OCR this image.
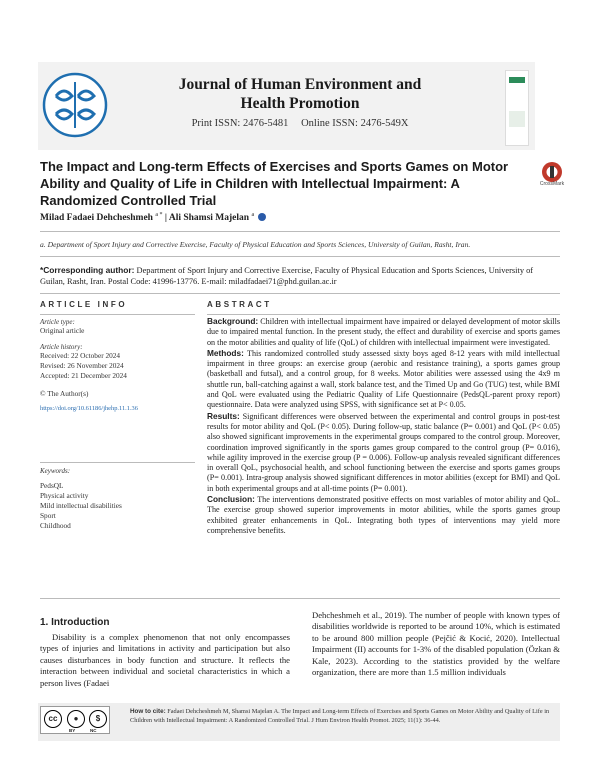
Journal of Human Environment and
Health Promotion
Print ISSN: 2476-5481 Online ISSN: 2476-549X
The Impact and Long-term Effects of Exercises and Sports Games on Motor Ability and Quality of Life in Children with Intellectual Impairment: A Randomized Controlled Trial
CrossMark
Milad Fadaei Dehcheshmeh $^{a *}$ | Ali Shamsi Majelan $^a$
a. Department of Sport Injury and Corrective Exercise, Faculty of Physical Education and Sports Sciences, University of Guilan, Rasht, Iran.
*Corresponding author: Department of Sport Injury and Corrective Exercise, Faculty of Physical Education and Sports Sciences, University of Guilan, Rasht, Iran. Postal Code: 41996-13776. E-mail: miladfadaei71@phd.guilan.ac.ir
ARTICLE INFO
Article type:
Original article
Article history:
Received: 22 October 2024
Revised: 26 November 2024
Accepted: 21 December 2024
© The Author(s)
https://doi.org/10.61186/jhehp.11.1.36
Keywords:
PedsQL
Physical activity
Mild intellectual disabilities
Sport
Childhood
ABSTRACT
Background: Children with intellectual impairment have impaired or delayed development of motor skills due to impaired mental function. In the present study, the effect and durability of exercise and sports games on the motor abilities and quality of life (QoL) of children with intellectual impairment were investigated.
Methods: This randomized controlled study assessed sixty boys aged 8-12 years with mild intellectual impairment in three groups: an exercise group (aerobic and resistance training), a sports games group (basketball and futsal), and a control group, for 8 weeks. Motor abilities were assessed using the 4x9 m shuttle run, ball-catching against a wall, stork balance test, and the Timed Up and Go (TUG) test, while BMI and QoL were evaluated using the Pediatric Quality of Life Questionnaire (PedsQL-parent proxy report) questionnaire. Data were analyzed using SPSS, with significance set at P< 0.05.
Results: Significant differences were observed between the experimental and control groups in post-test results for motor ability and QoL (P< 0.05). During follow-up, static balance (P= 0.001) and QoL (P< 0.05) also showed significant improvements in the experimental groups compared to the control group. Moreover, coordination improved significantly in the sports games group compared to the control group (P= 0.016), while agility improved in the exercise group (P = 0.006). Follow-up analysis revealed significant differences in overall QoL, psychosocial health, and school functioning between the exercise and sports games groups (P= 0.001). Intra-group analysis showed significant differences in motor abilities (except for BMI) and QoL in both experimental groups and at all-time points (P= 0.001).
Conclusion: The interventions demonstrated positive effects on most variables of motor ability and QoL. The exercise group showed superior improvements in motor abilities, while the sports games group exhibited greater enhancements in QoL. Integrating both types of interventions may yield more comprehensive benefits.
1. Introduction
Disability is a complex phenomenon that not only encompasses types of injuries and limitations in activity and participation but also causes disturbances in body function and structure. It reflects the interaction between individual and societal characteristics in which a person lives (Fadaei
Dehcheshmeh et al., 2019). The number of people with known types of disabilities worldwide is reported to be around 10%, which is estimated to be around 800 million people (Pejčić & Kocić, 2020). Intellectual Impairment (II) accounts for 1-3% of the disabled population (Özkan & Kale, 2023). According to the statistics provided by the welfare organization, there are more than 1.5 million individuals
cc	●	$
BY	NC
How to cite: Fadaei Dehcheshmeh M, Shamsi Majelan A. The Impact and Long-term Effects of Exercises and Sports Games on Motor Ability and Quality of Life in Children with Intellectual Impairment: A Randomized Controlled Trial. J Hum Environ Health Promot. 2025; 11(1): 36-44.
